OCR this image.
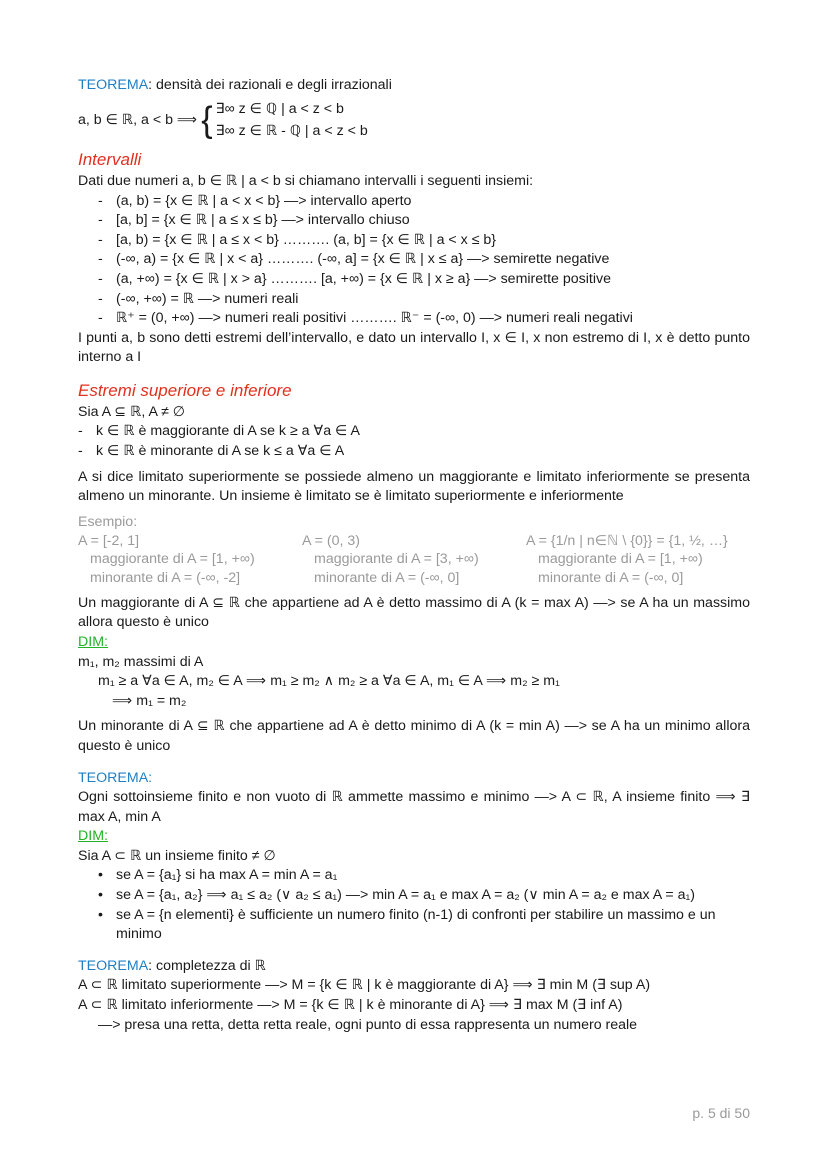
TEOREMA: densità dei razionali e degli irrazionali

a, b ∈ ℝ, a < b ⟹ { ∃∞ z ∈ ℚ | a < z < b
∃∞ z ∈ ℝ - ℚ | a < z < b

Intervalli

Dati due numeri a, b ∈ ℝ | a < b si chiamano intervalli i seguenti insiemi:

- (a, b) = {x ∈ ℝ | a < x < b} —> intervallo aperto
- [a, b] = {x ∈ ℝ | a ≤ x ≤ b} —> intervallo chiuso
- [a, b) = {x ∈ ℝ | a ≤ x < b} ………. (a, b] = {x ∈ ℝ | a < x ≤ b}
- (-∞, a) = {x ∈ ℝ | x < a} ………. (-∞, a] = {x ∈ ℝ | x ≤ a} —> semirette negative
- (a, +∞) = {x ∈ ℝ | x > a} ………. [a, +∞) = {x ∈ ℝ | x ≥ a} —> semirette positive
- (-∞, +∞) = ℝ —> numeri reali
- ℝ⁺ = (0, +∞) —> numeri reali positivi ………. ℝ⁻ = (-∞, 0) —> numeri reali negativi

I punti a, b sono detti estremi dell’intervallo, e dato un intervallo I, x ∈ I, x non estremo di I, x è detto punto interno a I

Estremi superiore e inferiore

Sia A ⊆ ℝ, A ≠ ∅

- k ∈ ℝ è maggiorante di A se k ≥ a ∀a ∈ A
- k ∈ ℝ è minorante di A se k ≤ a ∀a ∈ A

A si dice limitato superiormente se possiede almeno un maggiorante e limitato inferiormente se presenta almeno un minorante. Un insieme è limitato se è limitato superiormente e inferiormente

Esempio:
A = [-2, 1]
maggiorante di A = [1, +∞)
minorante di A = (-∞, -2]
A = (0, 3)
maggiorante di A = [3, +∞)
minorante di A = (-∞, 0]
A = {1/n | n∈ℕ \ {0}} = {1, ½, …}
maggiorante di A = [1, +∞)
minorante di A = (-∞, 0]

Un maggiorante di A ⊆ ℝ che appartiene ad A è detto massimo di A (k = max A) —> se A ha un massimo allora questo è unico

DIM:

m₁, m₂ massimi di A

m₁ ≥ a ∀a ∈ A, m₂ ∈ A ⟹ m₁ ≥ m₂ ∧ m₂ ≥ a ∀a ∈ A, m₁ ∈ A ⟹ m₂ ≥ m₁

⟹ m₁ = m₂

Un minorante di A ⊆ ℝ che appartiene ad A è detto minimo di A (k = min A) —> se A ha un minimo allora questo è unico

TEOREMA:

Ogni sottoinsieme finito e non vuoto di ℝ ammette massimo e minimo —> A ⊂ ℝ, A insieme finito ⟹ ∃ max A, min A

DIM:

Sia A ⊂ ℝ un insieme finito ≠ ∅

• se A = {a₁} si ha max A = min A = a₁
• se A = {a₁, a₂} ⟹ a₁ ≤ a₂ (∨ a₂ ≤ a₁) —> min A = a₁ e max A = a₂ (∨ min A = a₂ e max A = a₁)
• se A = {n elementi} è sufficiente un numero finito (n-1) di confronti per stabilire un massimo e un minimo

TEOREMA: completezza di ℝ

A ⊂ ℝ limitato superiormente —> M = {k ∈ ℝ | k è maggiorante di A} ⟹ ∃ min M (∃ sup A)

A ⊂ ℝ limitato inferiormente —> M = {k ∈ ℝ | k è minorante di A} ⟹ ∃ max M (∃ inf A)

—> presa una retta, detta retta reale, ogni punto di essa rappresenta un numero reale

p. 5 di 50
